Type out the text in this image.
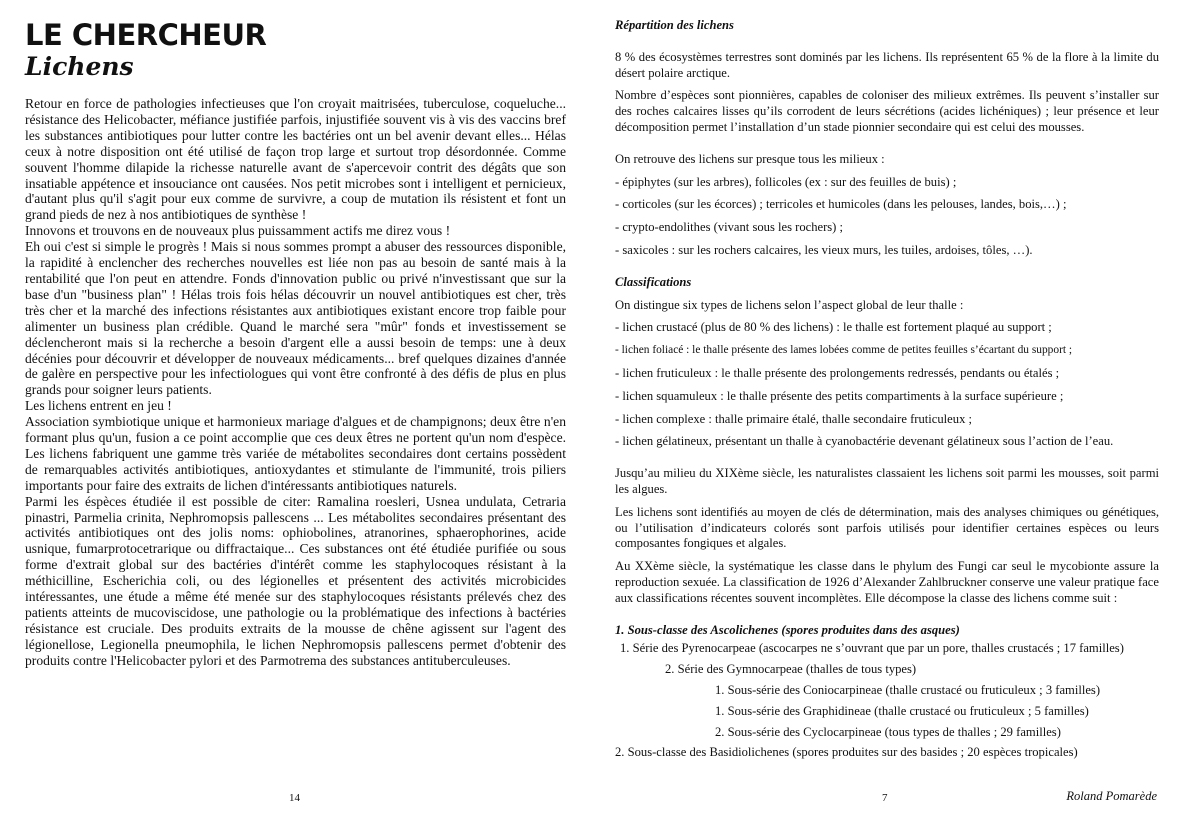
LE CHERCHEUR
Lichens

Retour en force de pathologies infectieuses que l'on croyait maitrisées, tuberculose, coqueluche... résistance des Helicobacter, méfiance justifiée parfois, injustifiée souvent vis à vis des vaccins bref les substances antibiotiques pour lutter contre les bactéries ont un bel avenir devant elles... Hélas ceux à notre disposition ont été utilisé de façon trop large et surtout trop désordonnée. Comme souvent l'homme dilapide la richesse naturelle avant de s'apercevoir contrit des dégâts que son insatiable appétence et insouciance ont causées. Nos petit microbes sont i intelligent et pernicieux, d'autant plus qu'il s'agit pour eux comme de survivre, a coup de mutation ils résistent et font un grand pieds de nez à nos antibiotiques de synthèse !

Innovons et trouvons en de nouveaux plus puissamment actifs me direz vous !

Eh oui c'est si simple le progrès ! Mais si nous sommes prompt a abuser des ressources disponible, la rapidité à enclencher des recherches nouvelles est liée non pas au besoin de santé mais à la rentabilité que l'on peut en attendre. Fonds d'innovation public ou privé n'investissant que sur la base d'un "business plan" ! Hélas trois fois hélas découvrir un nouvel antibiotiques est cher, très très cher et la marché des infections résistantes aux antibiotiques existant encore trop faible pour alimenter un business plan crédible. Quand le marché sera "mûr" fonds et investissement se déclencheront mais si la recherche a besoin d'argent elle a aussi besoin de temps: une à deux décénies pour découvrir et développer de nouveaux médicaments... bref quelques dizaines d'année de galère en perspective pour les infectiologues qui vont être confronté à des défis de plus en plus grands pour soigner leurs patients.

Les lichens entrent en jeu !

Association symbiotique unique et harmonieux mariage d'algues et de champignons; deux être n'en formant plus qu'un, fusion a ce point accomplie que ces deux êtres ne portent qu'un nom d'espèce. Les lichens fabriquent une gamme très variée de métabolites secondaires dont certains possèdent de remarquables activités antibiotiques, antioxydantes et stimulante de l'immunité, trois piliers importants pour faire des extraits de lichen d'intéressants antibiotiques naturels.

Parmi les éspèces étudiée il est possible de citer: Ramalina roesleri, Usnea undulata, Cetraria pinastri, Parmelia crinita, Nephromopsis pallescens ... Les métabolites secondaires présentant des activités antibiotiques ont des jolis noms: ophiobolines, atranorines, sphaerophorines, acide usnique, fumarprotocetrarique ou diffractaique... Ces substances ont été étudiée purifiée ou sous forme d'extrait global sur des bactéries d'intérêt comme les staphylocoques résistant à la méthicilline, Escherichia coli, ou des légionelles et présentent des activités microbicides intéressantes, une étude a même été menée sur des staphylocoques résistants prélevés chez des patients atteints de mucoviscidose, une pathologie ou la problématique des infections à bactéries résistance est cruciale. Des produits extraits de la mousse de chêne agissent sur l'agent des légionellose, Legionella pneumophila, le lichen Nephromopsis pallescens permet d'obtenir des produits contre l'Helicobacter pylori et des Parmotrema des substances antituberculeuses.

14

Répartition des lichens

8 % des écosystèmes terrestres sont dominés par les lichens. Ils représentent 65 % de la flore à la limite du désert polaire arctique.

Nombre d’espèces sont pionnières, capables de coloniser des milieux extrêmes. Ils peuvent s’installer sur des roches calcaires lisses qu’ils corrodent de leurs sécrétions (acides lichéniques) ; leur présence et leur décomposition permet l’installation d’un stade pionnier secondaire qui est celui des mousses.

On retrouve des lichens sur presque tous les milieux :

- épiphytes (sur les arbres), follicoles (ex : sur des feuilles de buis) ;

- corticoles (sur les écorces) ; terricoles et humicoles (dans les pelouses, landes, bois,…) ;

- crypto-endolithes (vivant sous les rochers) ;

- saxicoles : sur les rochers calcaires, les vieux murs, les tuiles, ardoises, tôles, …).

Classifications

On distingue six types de lichens selon l’aspect global de leur thalle :

- lichen crustacé (plus de 80 % des lichens) : le thalle est fortement plaqué au support ;

- lichen foliacé : le thalle présente des lames lobées comme de petites feuilles s’écartant du support ;

- lichen fruticuleux : le thalle présente des prolongements redressés, pendants ou étalés ;

- lichen squamuleux : le thalle présente des petits compartiments à la surface supérieure ;

- lichen complexe : thalle primaire étalé, thalle secondaire fruticuleux ;

- lichen gélatineux, présentant un thalle à cyanobactérie devenant gélatineux sous l’action de l’eau.

Jusqu’au milieu du XIXème siècle, les naturalistes classaient les lichens soit parmi les mousses, soit parmi les algues.

Les lichens sont identifiés au moyen de clés de détermination, mais des analyses chimiques ou génétiques, ou l’utilisation d’indicateurs colorés sont parfois utilisés pour identifier certaines espèces ou leurs composantes fongiques et algales.

Au XXème siècle, la systématique les classe dans le phylum des Fungi car seul le mycobionte assure la reproduction sexuée. La classification de 1926 d’Alexander Zahlbruckner conserve une valeur pratique face aux classifications récentes souvent incomplètes. Elle décompose la classe des lichens comme suit :

1. Sous-classe des Ascolichenes (spores produites dans des asques)

1. Série des Pyrenocarpeae (ascocarpes ne s’ouvrant que par un pore, thalles crustacés ; 17 familles)

2. Série des Gymnocarpeae (thalles de tous types)

1. Sous-série des Coniocarpineae (thalle crustacé ou fruticuleux ; 3 familles)

1. Sous-série des Graphidineae (thalle crustacé ou fruticuleux ; 5 familles)

2. Sous-série des Cyclocarpineae (tous types de thalles ; 29 familles)

2. Sous-classe des Basidiolichenes (spores produites sur des basides ; 20 espèces tropicales)

7	Roland Pomarède
